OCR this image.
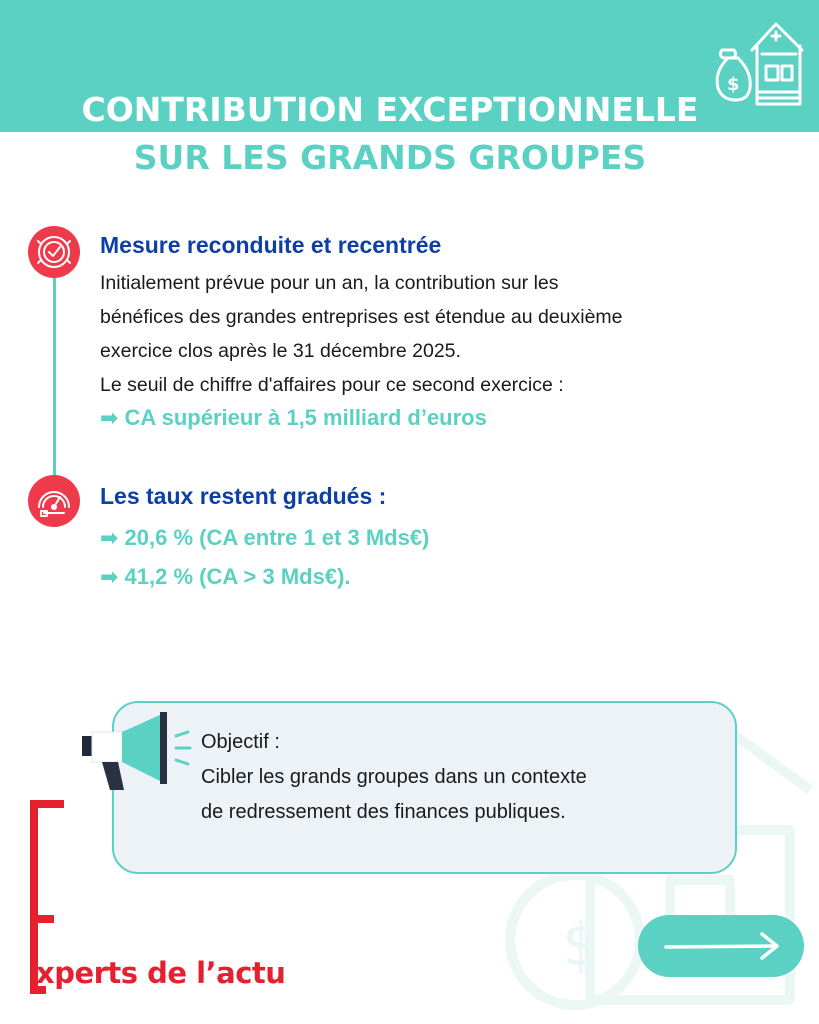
$
CONTRIBUTION EXCEPTIONNELLE
SUR LES GRANDS GROUPES
$
Mesure reconduite et recentrée
Initialement prévue pour un an, la contribution sur les
bénéfices des grandes entreprises est étendue au deuxième
exercice clos après le 31 décembre 2025.
Le seuil de chiffre d'affaires pour ce second exercice :
➡ CA supérieur à 1,5 milliard d’euros
Les taux restent gradués :
➡ 20,6 % (CA entre 1 et 3 Mds€)
➡ 41,2 % (CA > 3 Mds€).
Objectif :
Cibler les grands groupes dans un contexte
de redressement des finances publiques.
xperts de l’actu
